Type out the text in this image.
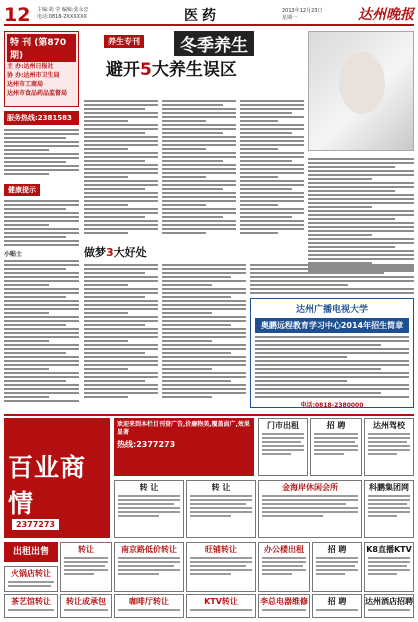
12 主编:胡 莹 编辑:张永忠
电话:0818-2XXXXXX	医药	2013年12月23日
星期一	达州晚报
特 刊 (第870期)
主 办:达州日报社
协 办:达州市卫生局
达州市工商局
达州市食品药品监督局
服务热线:2381583
健康提示
小贴士
养生专刊	冬季养生
避开5大养生误区
做梦3大好处
达州广播电视大学
奥鹏远程教育学习中心2014年招生简章
电话:0818-2380000
百业商情
2377273
欢迎来到本栏目刊登广告,价廉物美,覆盖面广,效果显著
热线:2377273
出租出售
门市出租	招 聘	达州驾校
转 让	转 让	金海岸休闲会所	科鹏集团网
火锅店转让
转让	南京路低价转让	旺铺转让	办公楼出租	招 聘	K8直播KTV
茶艺馆转让	转让或承包	咖啡厅转让	KTV转让	李总电器维修	招 聘	达州酒店招聘
